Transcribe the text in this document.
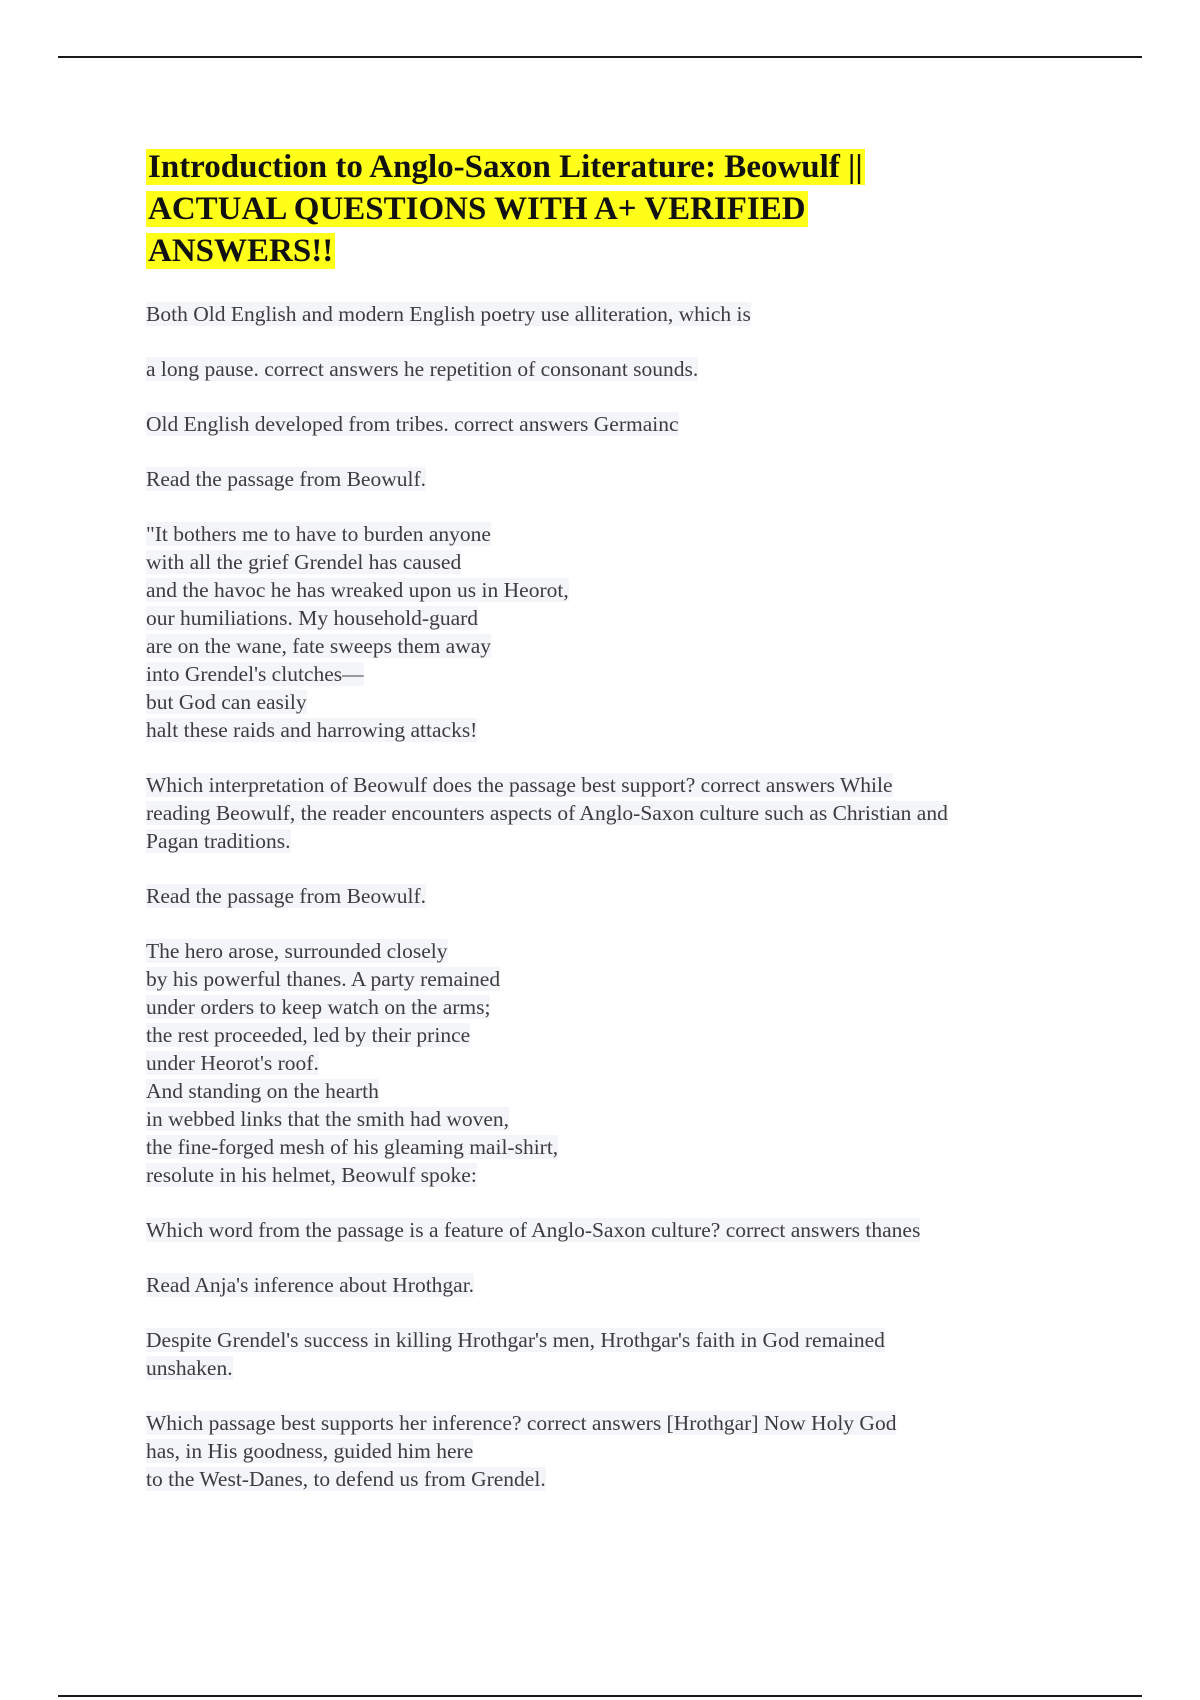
Introduction to Anglo-Saxon Literature: Beowulf ||
ACTUAL QUESTIONS WITH A+ VERIFIED
ANSWERS!!
Both Old English and modern English poetry use alliteration, which is
a long pause. correct answers he repetition of consonant sounds.
Old English developed from tribes. correct answers Germainc
Read the passage from Beowulf.
"It bothers me to have to burden anyone
with all the grief Grendel has caused
and the havoc he has wreaked upon us in Heorot,
our humiliations. My household-guard
are on the wane, fate sweeps them away
into Grendel's clutches—
but God can easily
halt these raids and harrowing attacks!
Which interpretation of Beowulf does the passage best support? correct answers While
reading Beowulf, the reader encounters aspects of Anglo-Saxon culture such as Christian and
Pagan traditions.
Read the passage from Beowulf.
The hero arose, surrounded closely
by his powerful thanes. A party remained
under orders to keep watch on the arms;
the rest proceeded, led by their prince
under Heorot's roof.
And standing on the hearth
in webbed links that the smith had woven,
the fine-forged mesh of his gleaming mail-shirt,
resolute in his helmet, Beowulf spoke:
Which word from the passage is a feature of Anglo-Saxon culture? correct answers thanes
Read Anja's inference about Hrothgar.
Despite Grendel's success in killing Hrothgar's men, Hrothgar's faith in God remained
unshaken.
Which passage best supports her inference? correct answers [Hrothgar] Now Holy God
has, in His goodness, guided him here
to the West-Danes, to defend us from Grendel.
